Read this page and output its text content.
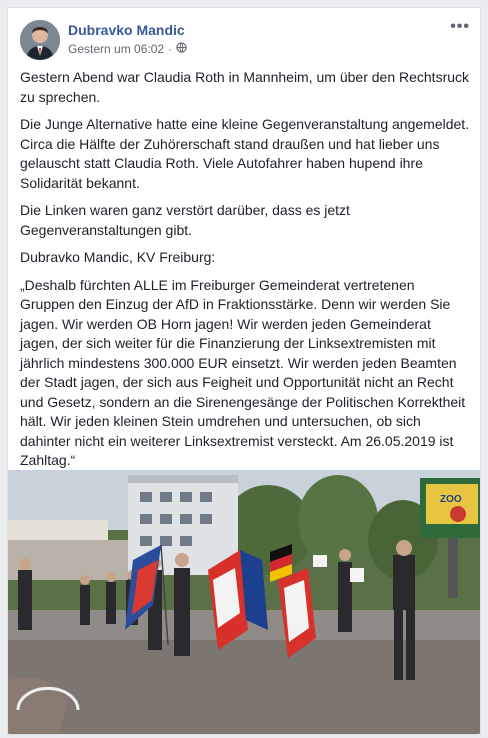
Dubravko Mandic
Gestern um 06:02 ·
•••

Gestern Abend war Claudia Roth in Mannheim, um über den Rechtsruck zu sprechen.

Die Junge Alternative hatte eine kleine Gegenveranstaltung angemeldet. Circa die Hälfte der Zuhörerschaft stand draußen und hat lieber uns gelauscht statt Claudia Roth. Viele Autofahrer haben hupend ihre Solidarität bekannt.

Die Linken waren ganz verstört darüber, dass es jetzt Gegenveranstaltungen gibt.

Dubravko Mandic, KV Freiburg:

„Deshalb fürchten ALLE im Freiburger Gemeinderat vertretenen Gruppen den Einzug der AfD in Fraktionsstärke. Denn wir werden Sie jagen. Wir werden OB Horn jagen! Wir werden jeden Gemeinderat jagen, der sich weiter für die Finanzierung der Linksextremisten mit jährlich mindestens 300.000 EUR einsetzt. Wir werden jeden Beamten der Stadt jagen, der sich aus Feigheit und Opportunität nicht an Recht und Gesetz, sondern an die Sirenengesänge der Politischen Korrektheit hält. Wir jeden kleinen Stein umdrehen und untersuchen, ob sich dahinter nicht ein weiterer Linksextremist versteckt. Am 26.05.2019 ist Zahltag.“

ZOO
